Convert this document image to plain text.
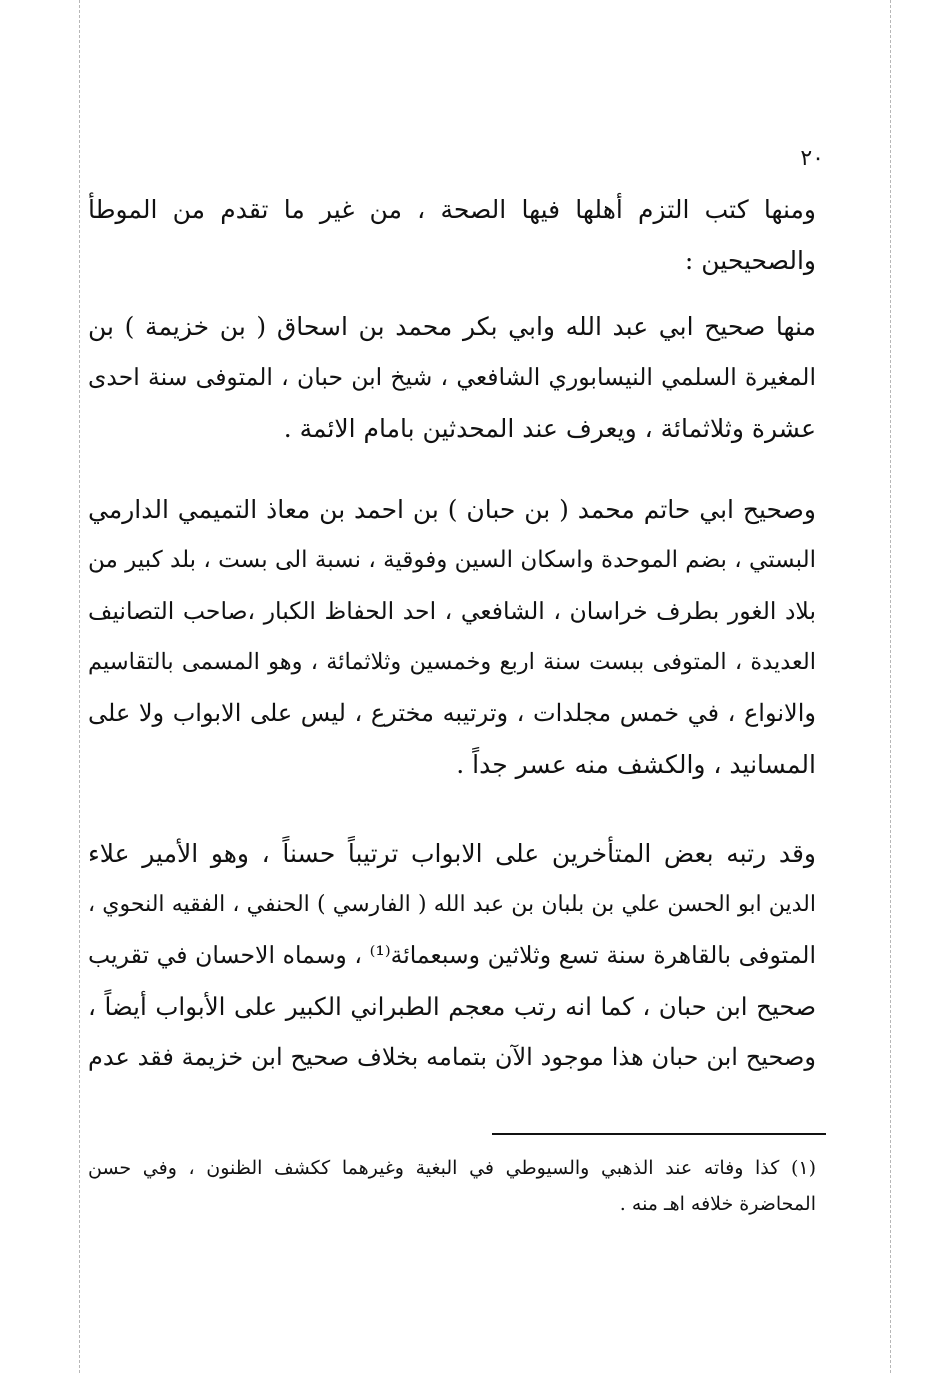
٢٠
ومنها كتب التزم أهلها فيها الصحة ، من غير ما تقدم من الموطأ
والصحيحين :
منها صحيح ابي عبد الله وابي بكر محمد بن اسحاق ( بن خزيمة ) بن
المغيرة السلمي النيسابوري الشافعي ، شيخ ابن حبان ، المتوفى سنة احدى
عشرة وثلاثمائة ، ويعرف عند المحدثين بامام الائمة .
وصحيح ابي حاتم محمد ( بن حبان ) بن احمد بن معاذ التميمي الدارمي
البستي ، بضم الموحدة واسكان السين وفوقية ، نسبة الى بست ، بلد كبير من
بلاد الغور بطرف خراسان ، الشافعي ، احد الحفاظ الكبار ،صاحب التصانيف
العديدة ، المتوفى ببست سنة اربع وخمسين وثلاثمائة ، وهو المسمى بالتقاسيم
والانواع ، في خمس مجلدات ، وترتيبه مخترع ، ليس على الابواب ولا على
المسانيد ، والكشف منه عسر جداً .
وقد رتبه بعض المتأخرين على الابواب ترتيباً حسناً ، وهو الأمير علاء
الدين ابو الحسن علي بن بلبان بن عبد الله ( الفارسي ) الحنفي ، الفقيه النحوي ،
المتوفى بالقاهرة سنة تسع وثلاثين وسبعمائة⁽¹⁾ ، وسماه الاحسان في تقريب
صحيح ابن حبان ، كما انه رتب معجم الطبراني الكبير على الأبواب أيضاً ،
وصحيح ابن حبان هذا موجود الآن بتمامه بخلاف صحيح ابن خزيمة فقد عدم
(١) كذا وفاته عند الذهبي والسيوطي في البغية وغيرهما ككشف الظنون ، وفي حسن
المحاضرة خلافه اهـ منه .
